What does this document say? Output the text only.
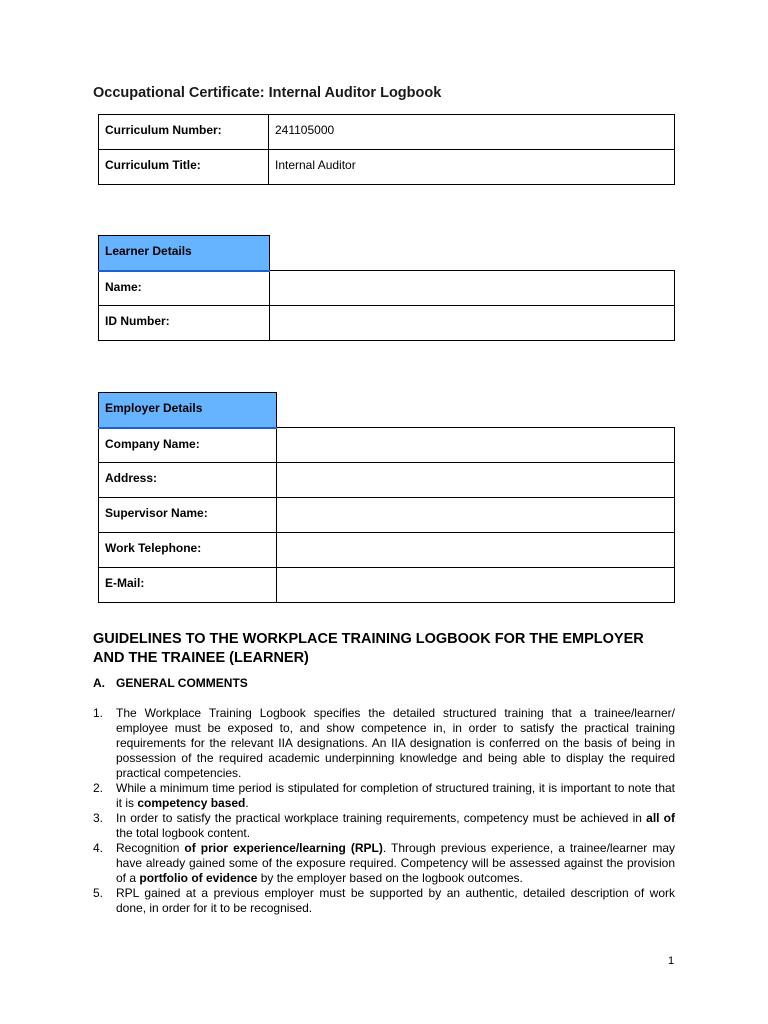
Occupational Certificate: Internal Auditor Logbook
Curriculum Number:	241105000
Curriculum Title:	Internal Auditor
Learner Details	
Name:	
ID Number:	
Employer Details	
Company Name:	
Address:	
Supervisor Name:	
Work Telephone:	
E-Mail:	
GUIDELINES TO THE WORKPLACE TRAINING LOGBOOK FOR THE EMPLOYER AND THE TRAINEE (LEARNER)
A. GENERAL COMMENTS
1. The Workplace Training Logbook specifies the detailed structured training that a trainee/learner/ employee must be exposed to, and show competence in, in order to satisfy the practical training requirements for the relevant IIA designations. An IIA designation is conferred on the basis of being in possession of the required academic underpinning knowledge and being able to display the required practical competencies.
2. While a minimum time period is stipulated for completion of structured training, it is important to note that it is competency based.
3. In order to satisfy the practical workplace training requirements, competency must be achieved in all of the total logbook content.
4. Recognition of prior experience/learning (RPL). Through previous experience, a trainee/learner may have already gained some of the exposure required. Competency will be assessed against the provision of a portfolio of evidence by the employer based on the logbook outcomes.
5. RPL gained at a previous employer must be supported by an authentic, detailed description of work done, in order for it to be recognised.
1
